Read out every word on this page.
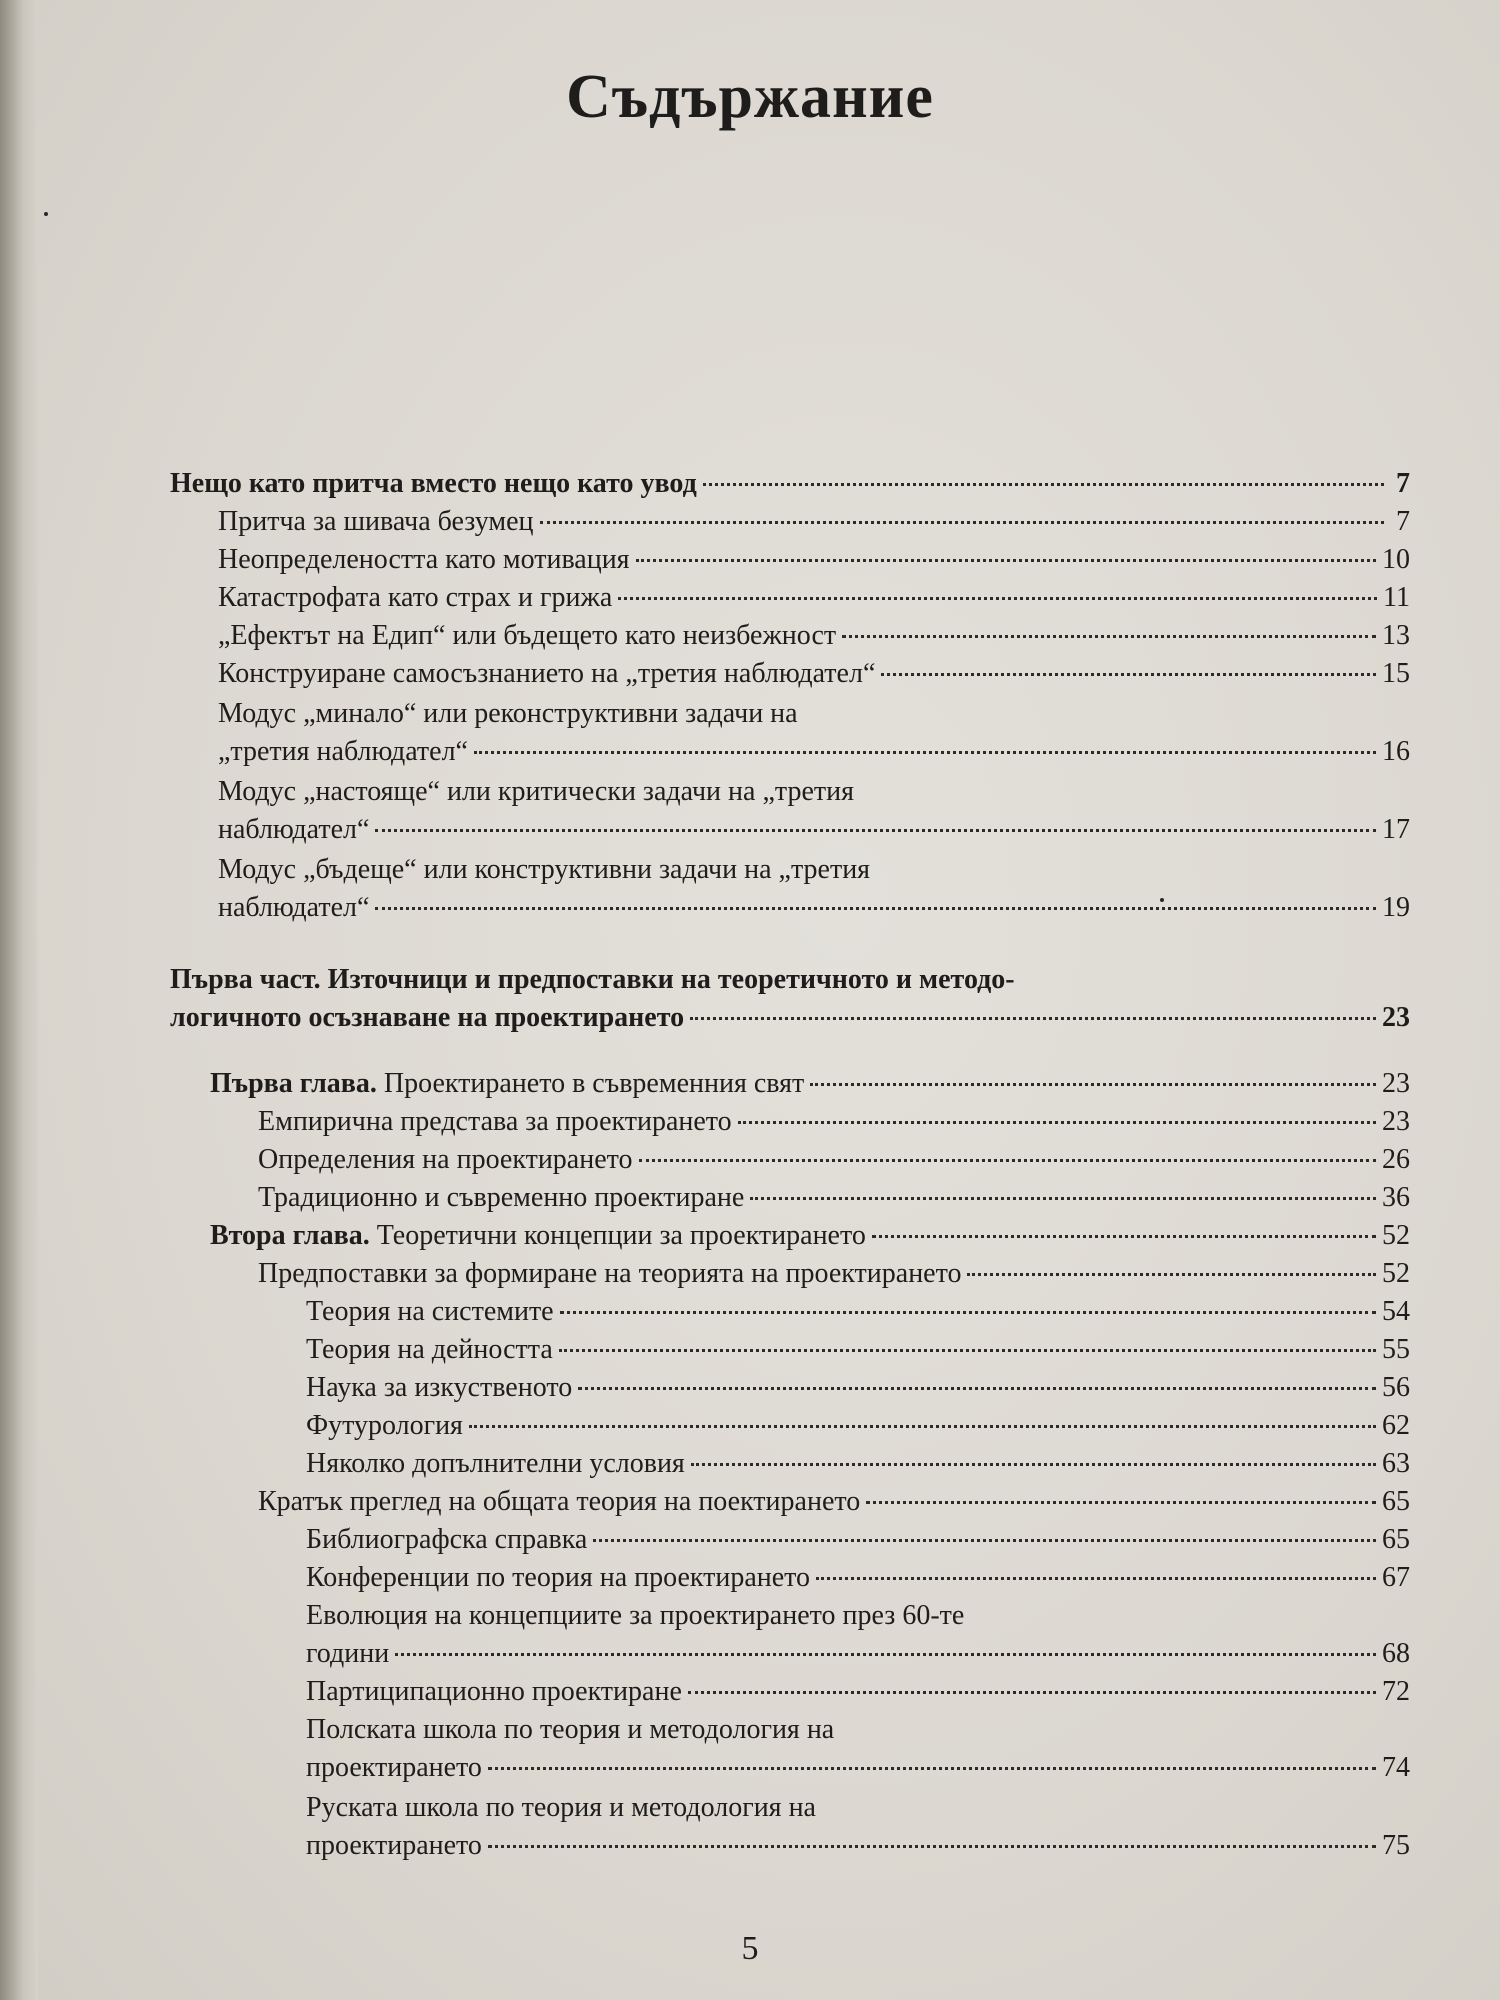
Съдържание
Нещо като притча вместо нещо като увод	7
Притча за шивача безумец	7
Неопределеността като мотивация	10
Катастрофата като страх и грижа	11
„Ефектът на Едип“ или бъдещето като неизбежност	13
Конструиране самосъзнанието на „третия наблюдател“	15
Модус „минало“ или реконструктивни задачи на
„третия наблюдател“	16
Модус „настояще“ или критически задачи на „третия
наблюдател“	17
Модус „бъдеще“ или конструктивни задачи на „третия
наблюдател“	19
Първа част. Източници и предпоставки на теоретичното и методо-
логичното осъзнаване на проектирането	23
Първа глава. Проектирането в съвременния свят	23
Емпирична представа за проектирането	23
Определения на проектирането	26
Традиционно и съвременно проектиране	36
Втора глава. Теоретични концепции за проектирането	52
Предпоставки за формиране на теорията на проектирането	52
Теория на системите	54
Теория на дейността	55
Наука за изкуственото	56
Футурология	62
Няколко допълнителни условия	63
Кратък преглед на общата теория на поектирането	65
Библиографска справка	65
Конференции по теория на проектирането	67
Еволюция на концепциите за проектирането през 60-те
години	68
Партиципационно проектиране	72
Полската школа по теория и методология на
проектирането	74
Руската школа по теория и методология на
проектирането	75
5
